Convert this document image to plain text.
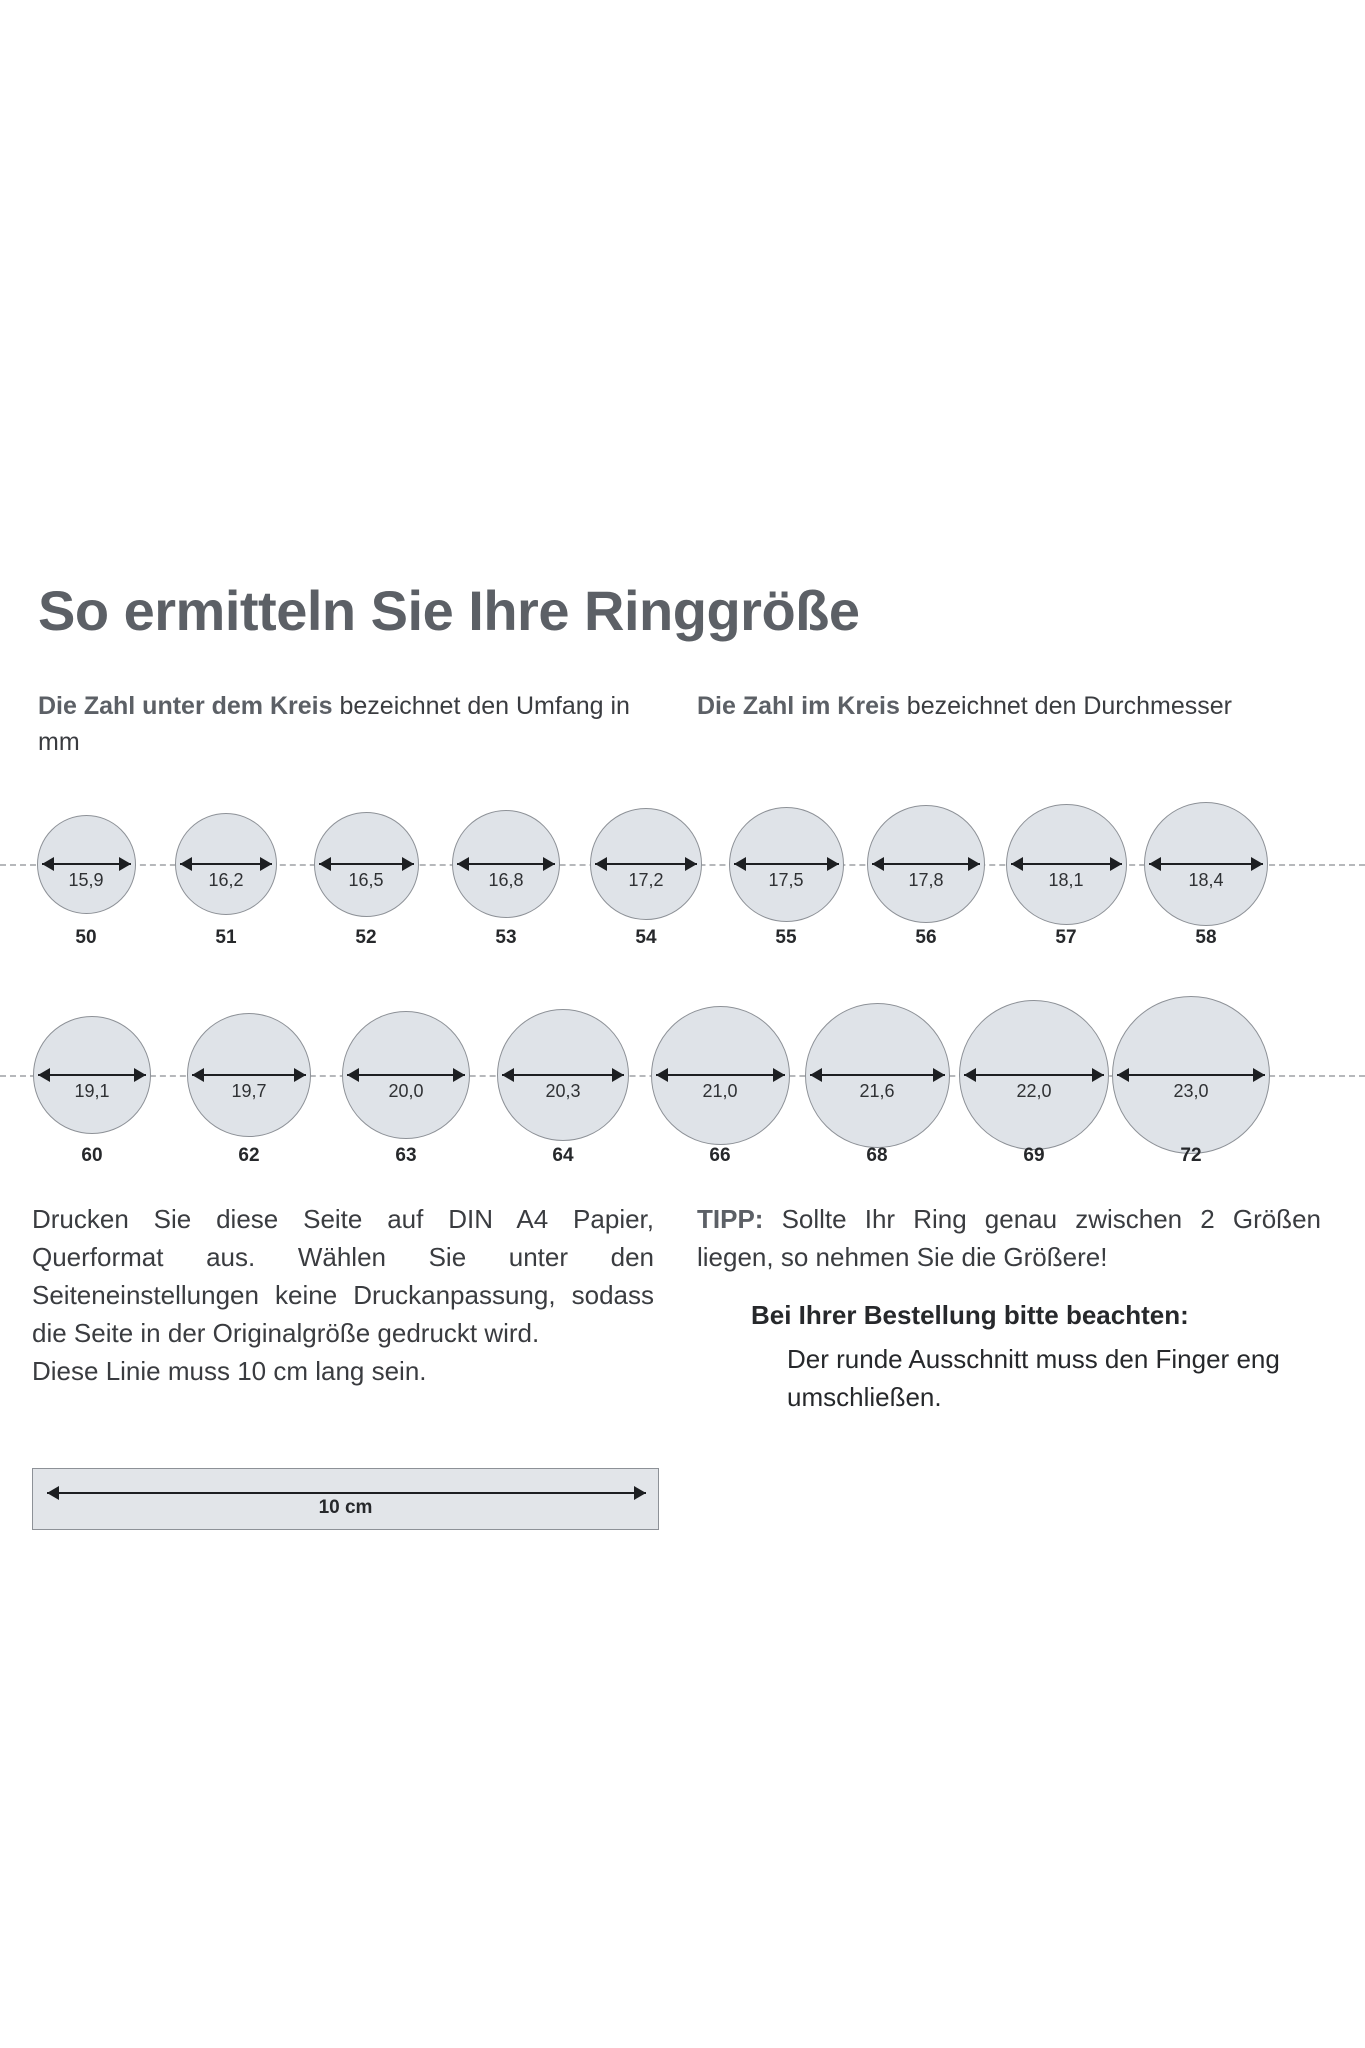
So ermitteln Sie Ihre Ringgröße

Die Zahl unter dem Kreis bezeichnet den Umfang in mm

Die Zahl im Kreis bezeichnet den Durchmesser

15,9
50
16,2
51
16,5
52
16,8
53
17,2
54
17,5
55
17,8
56
18,1
57
18,4
58
19,1
60
19,7
62
20,0
63
20,3
64
21,0
66
21,6
68
22,0
69
23,0
72
Drucken Sie diese Seite auf DIN A4 Papier, Querformat aus. Wählen Sie unter den Seiteneinstellungen keine Druckanpassung, sodass die Seite in der Originalgröße gedruckt wird.
Diese Linie muss 10 cm lang sein.
10 cm

TIPP: Sollte Ihr Ring genau zwischen 2 Größen liegen, so nehmen Sie die Größere!

Bei Ihrer Bestellung bitte beachten:
Der runde Ausschnitt muss den Finger eng umschließen.
